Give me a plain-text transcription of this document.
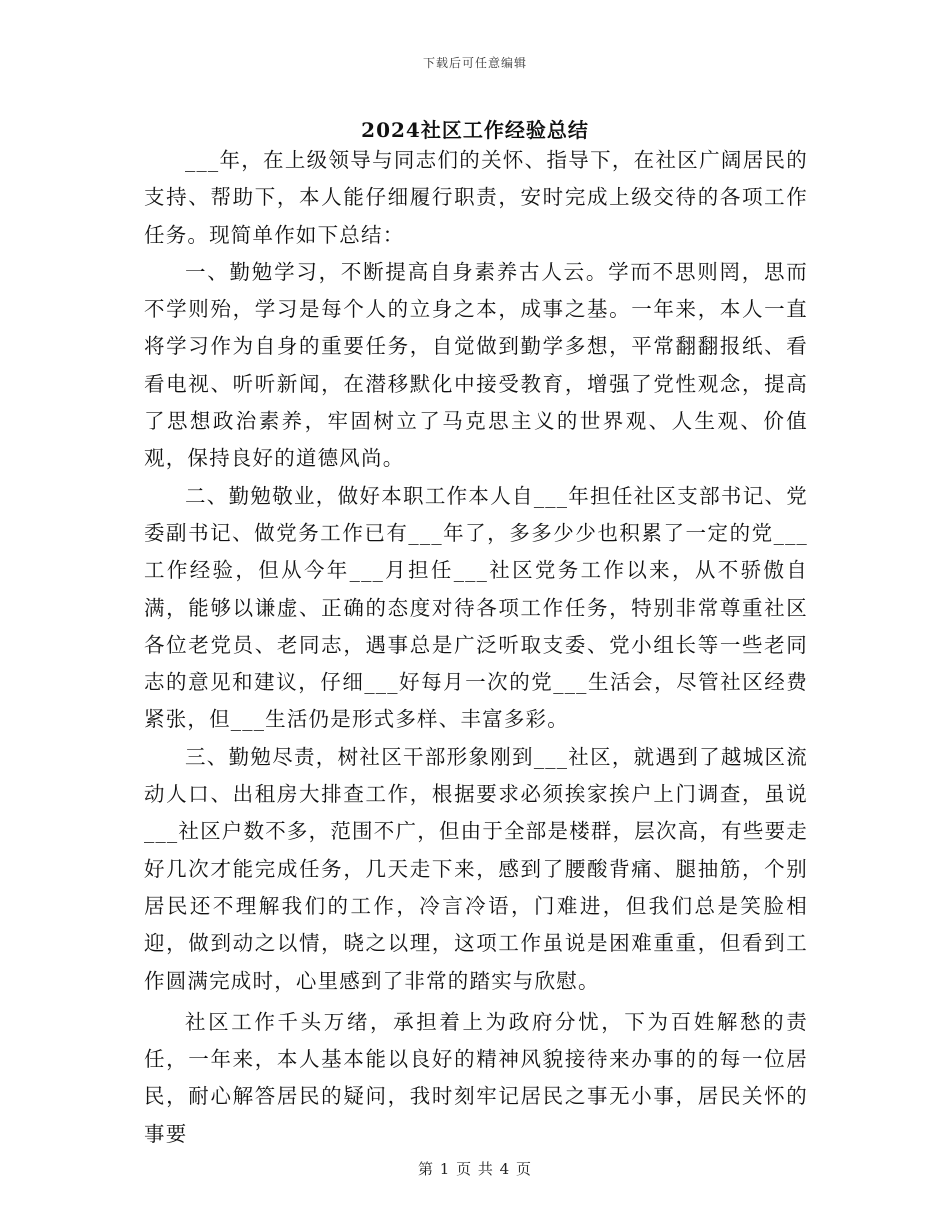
下载后可任意编辑
2024社区工作经验总结

___年，在上级领导与同志们的关怀、指导下，在社区广阔居民的支持、帮助下，本人能仔细履行职责，安时完成上级交待的各项工作任务。现简单作如下总结：

一、勤勉学习，不断提高自身素养古人云。学而不思则罔，思而不学则殆，学习是每个人的立身之本，成事之基。一年来，本人一直将学习作为自身的重要任务，自觉做到勤学多想，平常翻翻报纸、看看电视、听听新闻，在潜移默化中接受教育，增强了党性观念，提高了思想政治素养，牢固树立了马克思主义的世界观、人生观、价值观，保持良好的道德风尚。

二、勤勉敬业，做好本职工作本人自___年担任社区支部书记、党委副书记、做党务工作已有___年了，多多少少也积累了一定的党___工作经验，但从今年___月担任___社区党务工作以来，从不骄傲自满，能够以谦虚、正确的态度对待各项工作任务，特别非常尊重社区各位老党员、老同志，遇事总是广泛听取支委、党小组长等一些老同志的意见和建议，仔细___好每月一次的党___生活会，尽管社区经费紧张，但___生活仍是形式多样、丰富多彩。

三、勤勉尽责，树社区干部形象刚到___社区，就遇到了越城区流动人口、出租房大排查工作，根据要求必须挨家挨户上门调查，虽说___社区户数不多，范围不广，但由于全部是楼群，层次高，有些要走好几次才能完成任务，几天走下来，感到了腰酸背痛、腿抽筋，个别居民还不理解我们的工作，冷言冷语，门难进，但我们总是笑脸相迎，做到动之以情，晓之以理，这项工作虽说是困难重重，但看到工作圆满完成时，心里感到了非常的踏实与欣慰。

社区工作千头万绪，承担着上为政府分忧，下为百姓解愁的责任，一年来，本人基本能以良好的精神风貌接待来办事的的每一位居民，耐心解答居民的疑问，我时刻牢记居民之事无小事，居民关怀的事要

第 1 页 共 4 页
